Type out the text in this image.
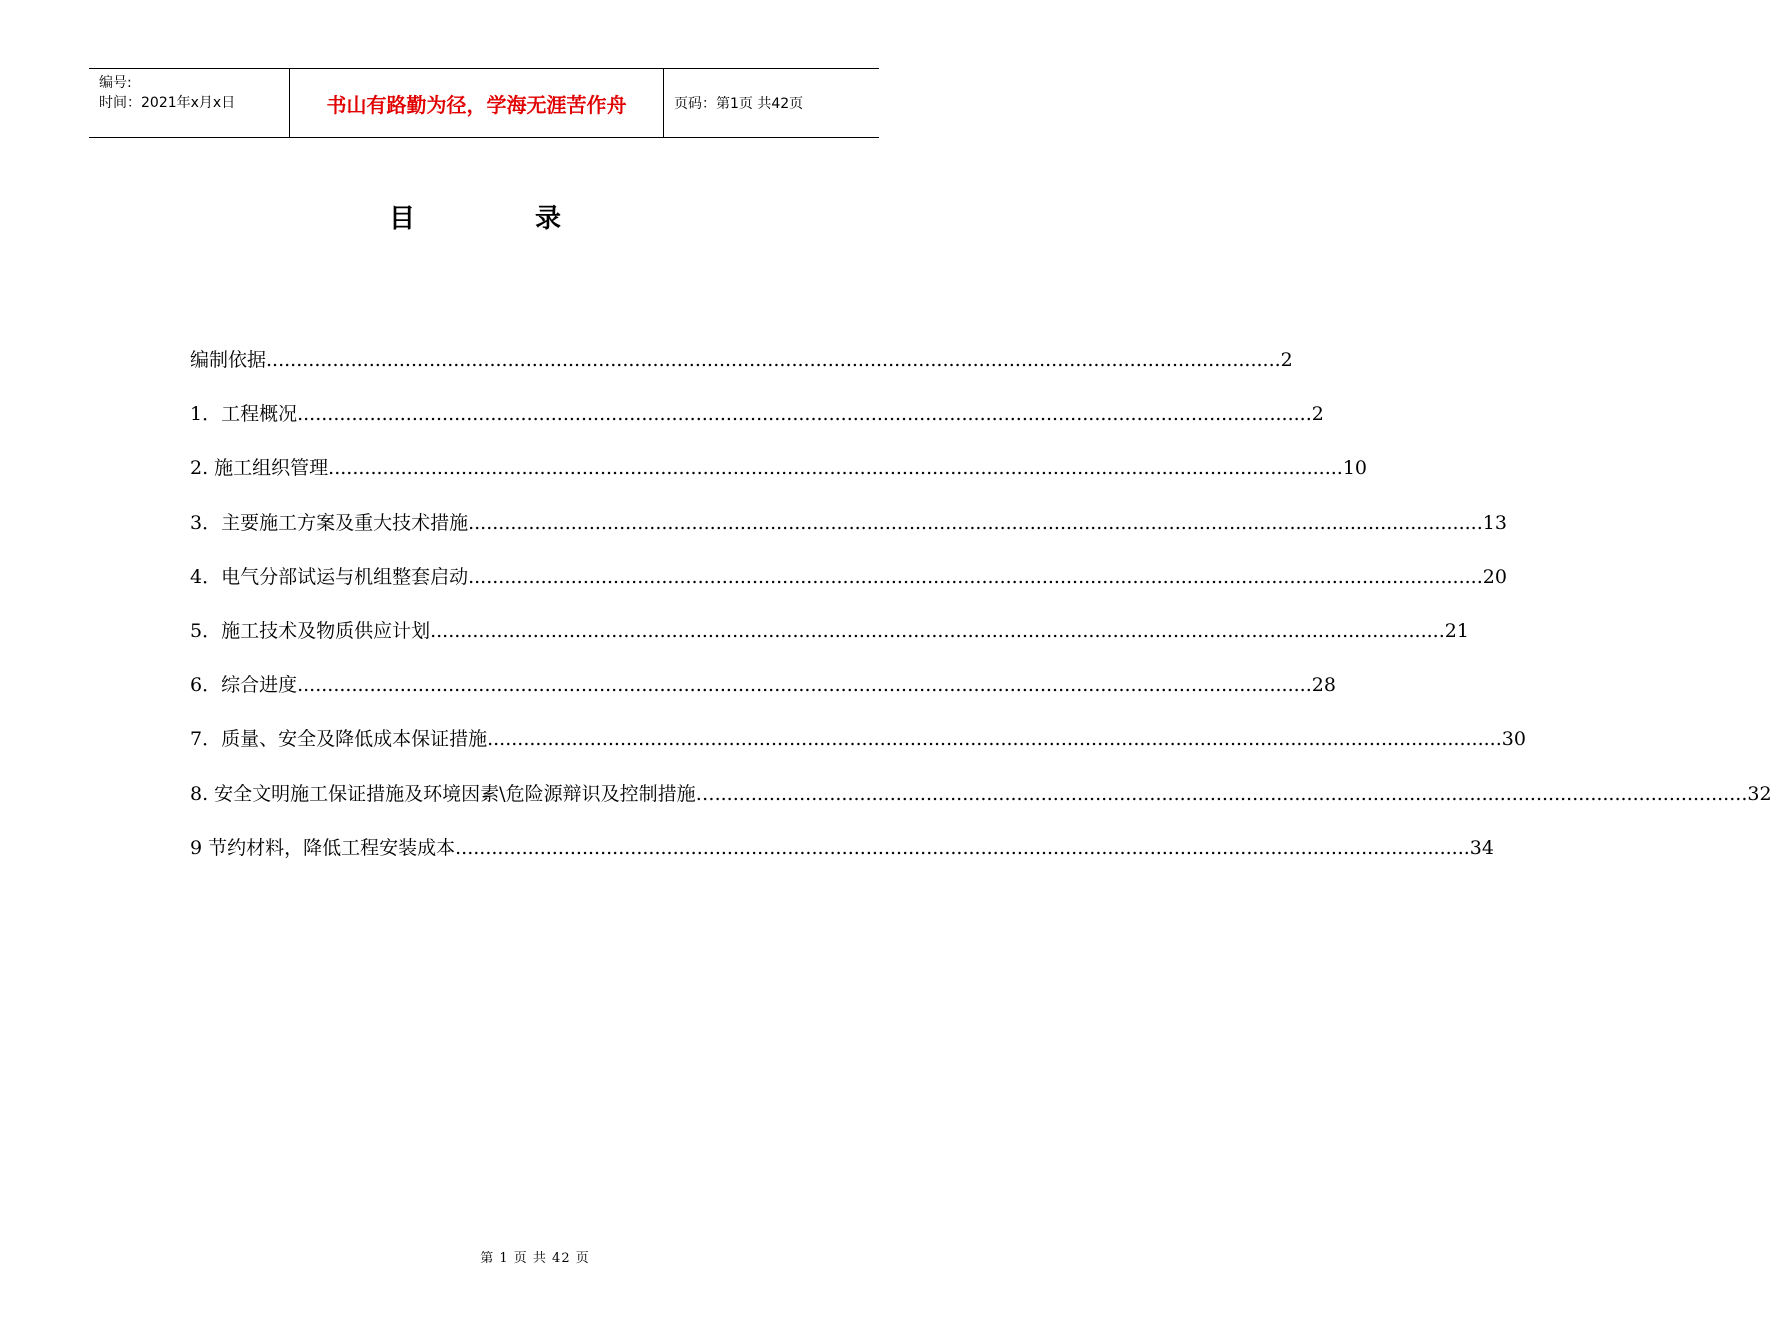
编号:
时间：2021年x月x日	书山有路勤为径，学海无涯苦作舟	页码：第1页 共42页
目	录
编制依据 .....	2
1．工程概况 .....	2
2. 施工组织管理 .....	10
3．主要施工方案及重大技术措施 .....	13
4．电气分部试运与机组整套启动 .....	20
5．施工技术及物质供应计划 .....	21
6．综合进度 .....	28
7．质量、安全及降低成本保证措施 .....	30
8. 安全文明施工保证措施及环境因素\危险源辩识及控制措施… .....	... 32
9 节约材料，降低工程安装成本 .....	34
第 1 页 共 42 页
